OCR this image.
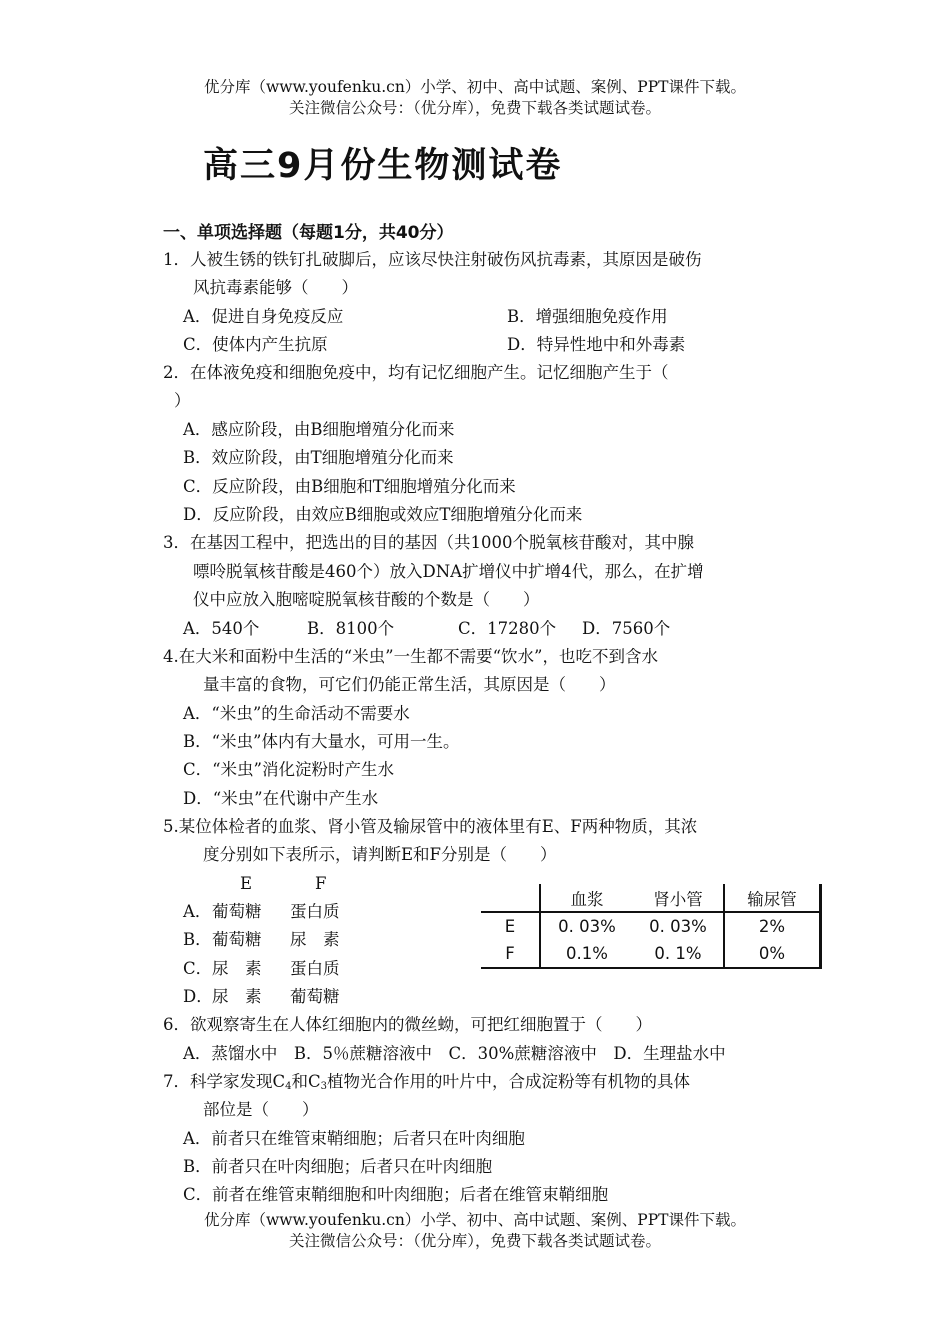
优分库（www.youfenku.cn）小学、初中、高中试题、案例、PPT课件下载。
关注微信公众号：（优分库），免费下载各类试题试卷。
高三9月份生物测试卷
一、单项选择题（每题1分，共40分）
1．人被生锈的铁钉扎破脚后，应该尽快注射破伤风抗毒素，其原因是破伤
风抗毒素能够（　　）
A．促进自身免疫反应	B．增强细胞免疫作用
C．使体内产生抗原	D．特异性地中和外毒素
2．在体液免疫和细胞免疫中，均有记忆细胞产生。记忆细胞产生于（
）
A．感应阶段，由B细胞增殖分化而来
B．效应阶段，由T细胞增殖分化而来
C．反应阶段，由B细胞和T细胞增殖分化而来
D．反应阶段，由效应B细胞或效应T细胞增殖分化而来
3．在基因工程中，把选出的目的基因（共1000个脱氧核苷酸对，其中腺
嘌呤脱氧核苷酸是460个）放入DNA扩增仪中扩增4代，那么，在扩增
仪中应放入胞嘧啶脱氧核苷酸的个数是（　　）
A．540个	B．8100个	C．17280个 D．7560个
4.在大米和面粉中生活的“米虫”一生都不需要“饮水”，也吃不到含水
量丰富的食物，可它们仍能正常生活，其原因是（　　）
A．“米虫”的生命活动不需要水
B．“米虫”体内有大量水，可用一生。
C．“米虫”消化淀粉时产生水
D．“米虫”在代谢中产生水
5.某位体检者的血浆、肾小管及输尿管中的液体里有E、F两种物质，其浓
度分别如下表所示，请判断E和F分别是（　　）
E	F
A． 葡萄糖 蛋白质
B． 葡萄糖 尿　素
C． 尿　素 蛋白质
D． 尿　素 葡萄糖
	血浆	肾小管	输尿管
E	0. 03%	0. 03%	2%
F	0.1%	0. 1%	0%
6．欲观察寄生在人体红细胞内的微丝蚴，可把红细胞置于（　　）
A．蒸馏水中　B．5％蔗糖溶液中　C．30%蔗糖溶液中　D．生理盐水中
7．科学家发现$C_4$和$C_3$植物光合作用的叶片中，合成淀粉等有机物的具体
部位是（　　）
A．前者只在维管束鞘细胞；后者只在叶肉细胞
B．前者只在叶肉细胞；后者只在叶肉细胞
C．前者在维管束鞘细胞和叶肉细胞；后者在维管束鞘细胞
优分库（www.youfenku.cn）小学、初中、高中试题、案例、PPT课件下载。
关注微信公众号：（优分库），免费下载各类试题试卷。
